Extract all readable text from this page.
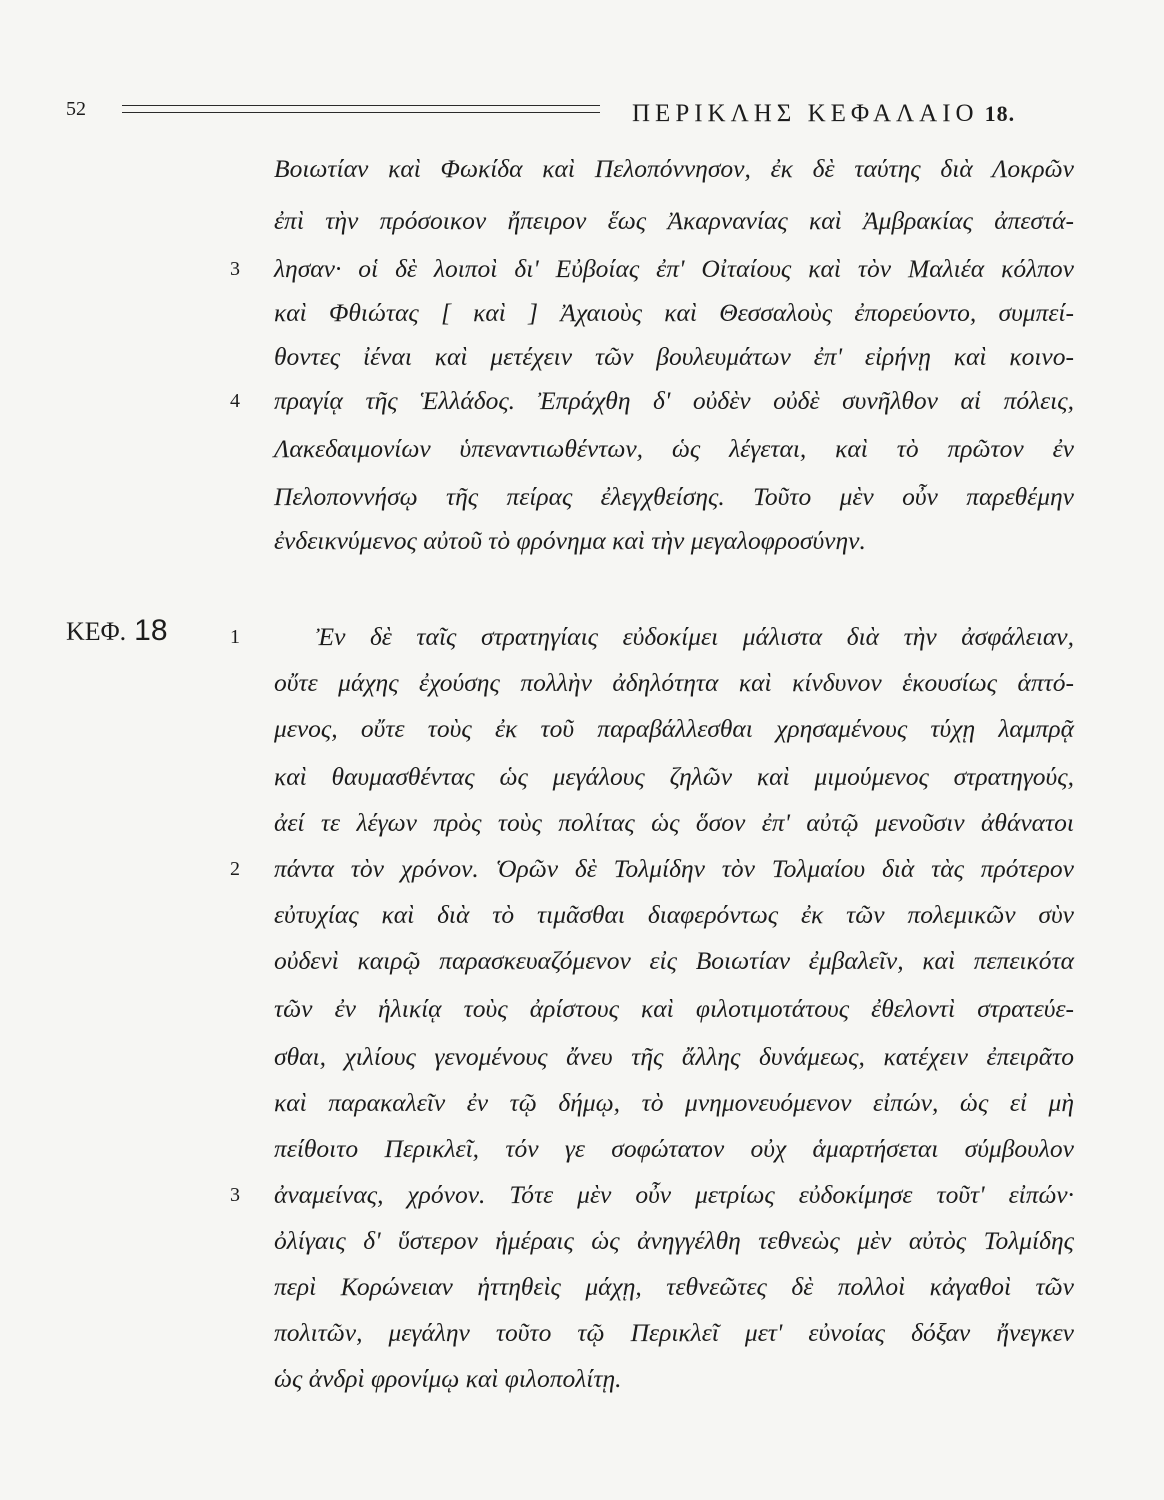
52	ΠΕΡΙΚΛΗΣ ΚΕΦΑΛΑΙΟ 18.
ΚΕΦ. 18
3
4
1
2
3
Βοιωτίαν καὶ Φωκίδα καὶ Πελοπόννησον, ἐκ δὲ ταύτης διὰ Λοκρῶν
ἐπὶ τὴν πρόσοικον ἤπειρον ἕως Ἀκαρνανίας καὶ Ἀμβρακίας ἀπεστά-
λησαν· οἱ δὲ λοιποὶ δι' Εὐβοίας ἐπ' Οἰταίους καὶ τὸν Μαλιέα κόλπον
καὶ Φθιώτας [ καὶ ] Ἀχαιοὺς καὶ Θεσσαλοὺς ἐπορεύοντο, συμπεί-
θοντες ἰέναι καὶ μετέχειν τῶν βουλευμάτων ἐπ' εἰρήνῃ καὶ κοινο-
πραγίᾳ τῆς Ἑλλάδος. Ἐπράχθη δ' οὐδὲν οὐδὲ συνῆλθον αἱ πόλεις,
Λακεδαιμονίων ὑπεναντιωθέντων, ὡς λέγεται, καὶ τὸ πρῶτον ἐν
Πελοποννήσῳ τῆς πείρας ἐλεγχθείσης. Τοῦτο μὲν οὖν παρεθέμην
ἐνδεικνύμενος αὐτοῦ τὸ φρόνημα καὶ τὴν μεγαλοφροσύνην.
Ἐν δὲ ταῖς στρατηγίαις εὐδοκίμει μάλιστα διὰ τὴν ἀσφάλειαν,
οὔτε μάχης ἐχούσης πολλὴν ἀδηλότητα καὶ κίνδυνον ἑκουσίως ἁπτό-
μενος, οὔτε τοὺς ἐκ τοῦ παραβάλλεσθαι χρησαμένους τύχῃ λαμπρᾷ
καὶ θαυμασθέντας ὡς μεγάλους ζηλῶν καὶ μιμούμενος στρατηγούς,
ἀεί τε λέγων πρὸς τοὺς πολίτας ὡς ὅσον ἐπ' αὐτῷ μενοῦσιν ἀθάνατοι
πάντα τὸν χρόνον. Ὁρῶν δὲ Τολμίδην τὸν Τολμαίου διὰ τὰς πρότερον
εὐτυχίας καὶ διὰ τὸ τιμᾶσθαι διαφερόντως ἐκ τῶν πολεμικῶν σὺν
οὐδενὶ καιρῷ παρασκευαζόμενον εἰς Βοιωτίαν ἐμβαλεῖν, καὶ πεπεικότα
τῶν ἐν ἡλικίᾳ τοὺς ἀρίστους καὶ φιλοτιμοτάτους ἐθελοντὶ στρατεύε-
σθαι, χιλίους γενομένους ἄνευ τῆς ἄλλης δυνάμεως, κατέχειν ἐπειρᾶτο
καὶ παρακαλεῖν ἐν τῷ δήμῳ, τὸ μνημονευόμενον εἰπών, ὡς εἰ μὴ
πείθοιτο Περικλεῖ, τόν γε σοφώτατον οὐχ ἁμαρτήσεται σύμβουλον
ἀναμείνας, χρόνον. Τότε μὲν οὖν μετρίως εὐδοκίμησε τοῦτ' εἰπών·
ὀλίγαις δ' ὕστερον ἡμέραις ὡς ἀνηγγέλθη τεθνεὼς μὲν αὐτὸς Τολμίδης
περὶ Κορώνειαν ἡττηθεὶς μάχῃ, τεθνεῶτες δὲ πολλοὶ κἀγαθοὶ τῶν
πολιτῶν, μεγάλην τοῦτο τῷ Περικλεῖ μετ' εὐνοίας δόξαν ἤνεγκεν
ὡς ἀνδρὶ φρονίμῳ καὶ φιλοπολίτῃ.
